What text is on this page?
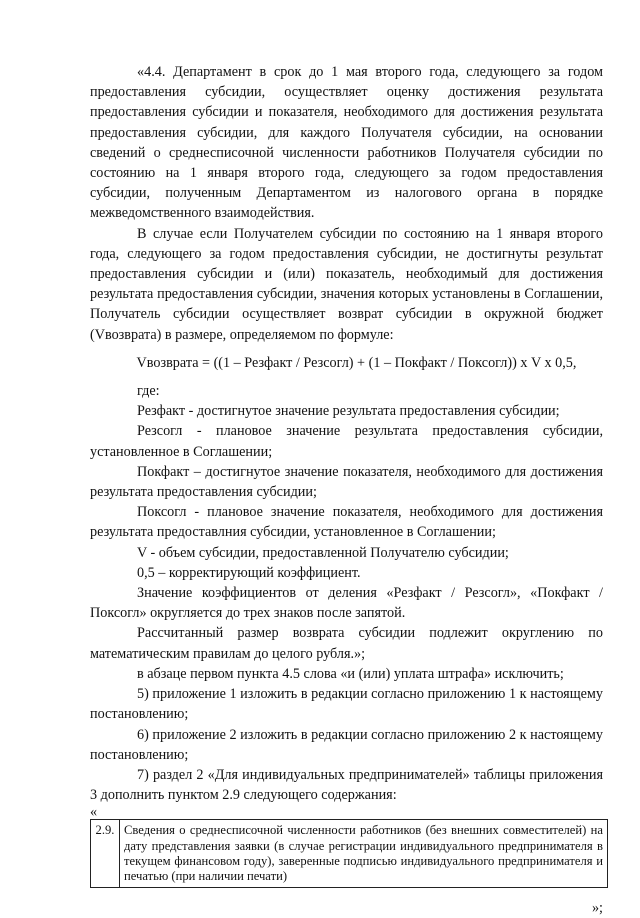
«4.4. Департамент в срок до 1 мая второго года, следующего за годом предоставления субсидии, осуществляет оценку достижения результата предоставления субсидии и показателя, необходимого для достижения результата предоставления субсидии, для каждого Получателя субсидии, на основании сведений о среднесписочной численности работников Получателя субсидии по состоянию на 1 января второго года, следующего за годом предоставления субсидии, полученным Департаментом из налогового органа в порядке межведомственного взаимодействия.

В случае если Получателем субсидии по состоянию на 1 января второго года, следующего за годом предоставления субсидии, не достигнуты результат предоставления субсидии и (или) показатель, необходимый для достижения результата предоставления субсидии, значения которых установлены в Соглашении, Получатель субсидии осуществляет возврат субсидии в окружной бюджет (Vвозврата) в размере, определяемом по формуле:

Vвозврата = ((1 – Резфакт / Резсогл) + (1 – Покфакт / Поксогл)) х V х 0,5,

где:

Резфакт - достигнутое значение результата предоставления субсидии;

Резсогл - плановое значение результата предоставления субсидии, установленное в Соглашении;

Покфакт – достигнутое значение показателя, необходимого для достижения результата предоставления субсидии;

Поксогл - плановое значение показателя, необходимого для достижения результата предоставлния субсидии, установленное в Соглашении;

V - объем субсидии, предоставленной Получателю субсидии;

0,5 – корректирующий коэффициент.

Значение коэффициентов от деления «Резфакт / Резсогл», «Покфакт / Поксогл» округляется до трех знаков после запятой.

Рассчитанный размер возврата субсидии подлежит округлению по математическим правилам до целого рубля.»;

в абзаце первом пункта 4.5 слова «и (или) уплата штрафа» исключить;

5) приложение 1 изложить в редакции согласно приложению 1 к настоящему постановлению;

6) приложение 2 изложить в редакции согласно приложению 2 к настоящему постановлению;

7) раздел 2 «Для индивидуальных предпринимателей» таблицы приложения 3 дополнить пунктом 2.9 следующего содержания:

«

2.9.	Сведения о среднесписочной численности работников (без внешних совместителей) на дату представления заявки (в случае регистрации индивидуального предпринимателя в текущем финансовом году), заверенные подписью индивидуального предпринимателя и печатью (при наличии печати)

»;
